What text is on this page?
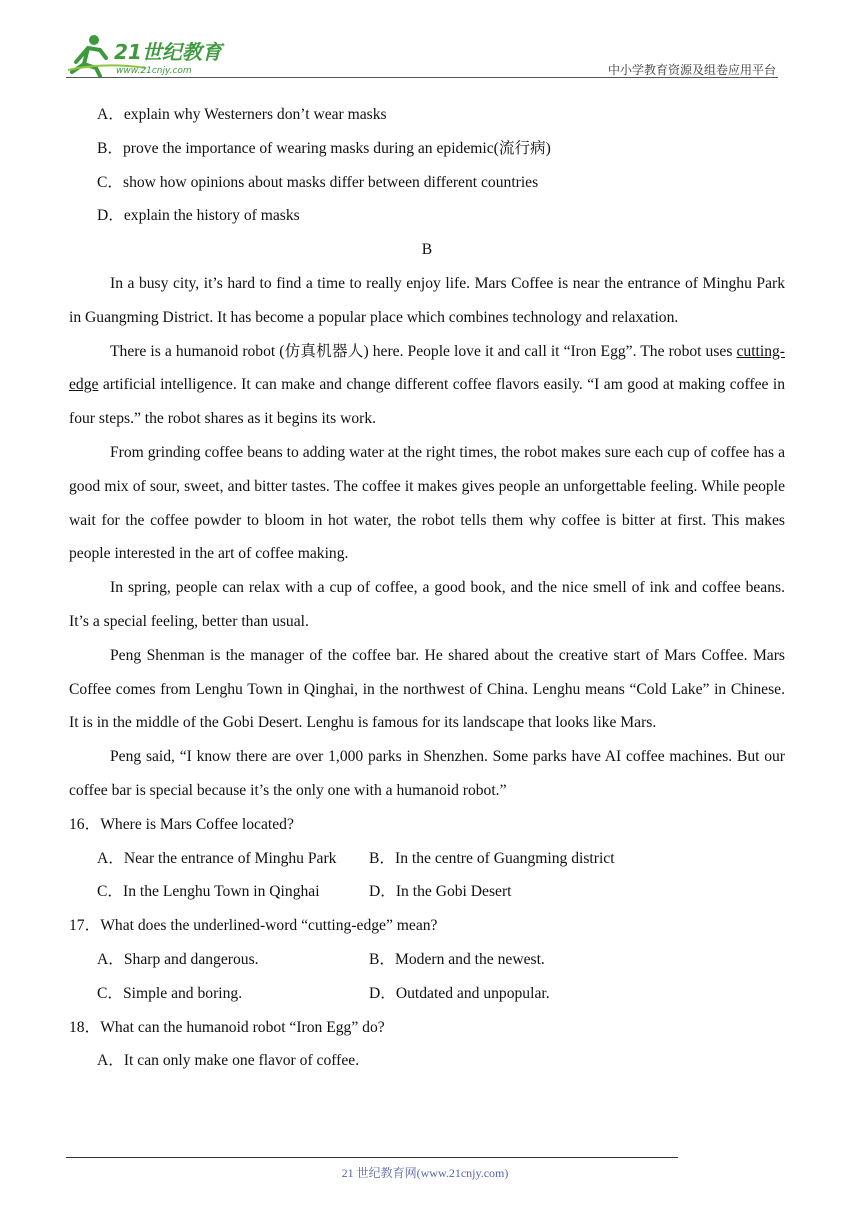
21世纪教育
www.21cnjy.com	中小学教育资源及组卷应用平台
A．explain why Westerners don’t wear masks
B．prove the importance of wearing masks during an epidemic(流行病)
C．show how opinions about masks differ between different countries
D．explain the history of masks
B

In a busy city, it’s hard to find a time to really enjoy life. Mars Coffee is near the entrance of Minghu Park in Guangming District. It has become a popular place which combines technology and relaxation.

There is a humanoid robot (仿真机器人) here. People love it and call it “Iron Egg”. The robot uses cutting-edge artificial intelligence. It can make and change different coffee flavors easily. “I am good at making coffee in four steps.” the robot shares as it begins its work.

From grinding coffee beans to adding water at the right times, the robot makes sure each cup of coffee has a good mix of sour, sweet, and bitter tastes. The coffee it makes gives people an unforgettable feeling. While people wait for the coffee powder to bloom in hot water, the robot tells them why coffee is bitter at first. This makes people interested in the art of coffee making.

In spring, people can relax with a cup of coffee, a good book, and the nice smell of ink and coffee beans. It’s a special feeling, better than usual.

Peng Shenman is the manager of the coffee bar. He shared about the creative start of Mars Coffee. Mars Coffee comes from Lenghu Town in Qinghai, in the northwest of China. Lenghu means “Cold Lake” in Chinese. It is in the middle of the Gobi Desert. Lenghu is famous for its landscape that looks like Mars.

Peng said, “I know there are over 1,000 parks in Shenzhen. Some parks have AI coffee machines. But our coffee bar is special because it’s the only one with a humanoid robot.”

16．Where is Mars Coffee located?
A．Near the entrance of Minghu Park	B．In the centre of Guangming district
C．In the Lenghu Town in Qinghai	D．In the Gobi Desert
17．What does the underlined-word “cutting-edge” mean?
A．Sharp and dangerous.	B．Modern and the newest.
C．Simple and boring.	D．Outdated and unpopular.
18．What can the humanoid robot “Iron Egg” do?
A．It can only make one flavor of coffee.
21 世纪教育网(www.21cnjy.com)
